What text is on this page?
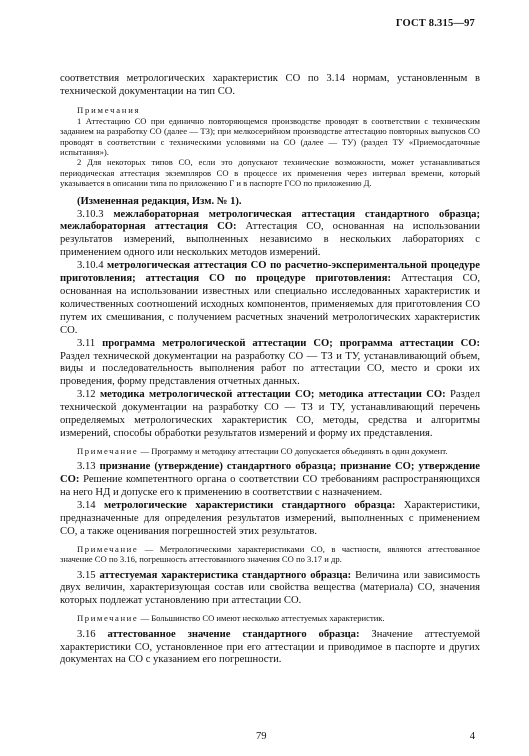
ГОСТ 8.315—97

соответствия метрологических характеристик СО по 3.14 нормам, установленным в технической документации на тип СО.

Примечания

1 Аттестацию СО при единично повторяющемся производстве проводят в соответствии с техническим заданием на разработку СО (далее — ТЗ); при мелкосерийном производстве аттестацию повторных выпусков СО проводят в соответствии с техническими условиями на СО (далее — ТУ) (раздел ТУ «Приемосдаточные испытания»).

2 Для некоторых типов СО, если это допускают технические возможности, может устанавливаться периодическая аттестация экземпляров СО в процессе их применения через интервал времени, который указывается в описании типа по приложению Г и в паспорте ГСО по приложению Д.

(Измененная редакция, Изм. № 1).

3.10.3 межлабораторная метрологическая аттестация стандартного образца; межлабораторная аттестация СО: Аттестация СО, основанная на использовании результатов измерений, выполненных независимо в нескольких лабораториях с применением одного или нескольких методов измерений.

3.10.4 метрологическая аттестация СО по расчетно-экспериментальной процедуре приготовления; аттестация СО по процедуре приготовления: Аттестация СО, основанная на использовании известных или специально исследованных характеристик и количественных соотношений исходных компонентов, применяемых для приготовления СО путем их смешивания, с получением расчетных значений метрологических характеристик СО.

3.11 программа метрологической аттестации СО; программа аттестации СО: Раздел технической документации на разработку СО — ТЗ и ТУ, устанавливающий объем, виды и последовательность выполнения работ по аттестации СО, место и сроки их проведения, форму представления отчетных данных.

3.12 методика метрологической аттестации СО; методика аттестации СО: Раздел технической документации на разработку СО — ТЗ и ТУ, устанавливающий перечень определяемых метрологических характеристик СО, методы, средства и алгоритмы измерений, способы обработки результатов измерений и форму их представления.

Примечание — Программу и методику аттестации СО допускается объединять в один документ.

3.13 признание (утверждение) стандартного образца; признание СО; утверждение СО: Решение компетентного органа о соответствии СО требованиям распространяющихся на него НД и допуске его к применению в соответствии с назначением.

3.14 метрологические характеристики стандартного образца: Характеристики, предназначенные для определения результатов измерений, выполненных с применением СО, а также оценивания погрешностей этих результатов.

Примечание — Метрологическими характеристиками СО, в частности, являются аттестованное значение СО по 3.16, погрешность аттестованного значения СО по 3.17 и др.

3.15 аттестуемая характеристика стандартного образца: Величина или зависимость двух величин, характеризующая состав или свойства вещества (материала) СО, значения которых подлежат установлению при аттестации СО.

Примечание — Большинство СО имеют несколько аттестуемых характеристик.

3.16 аттестованное значение стандартного образца: Значение аттестуемой характеристики СО, установленное при его аттестации и приводимое в паспорте и других документах на СО с указанием его погрешности.

79	4
